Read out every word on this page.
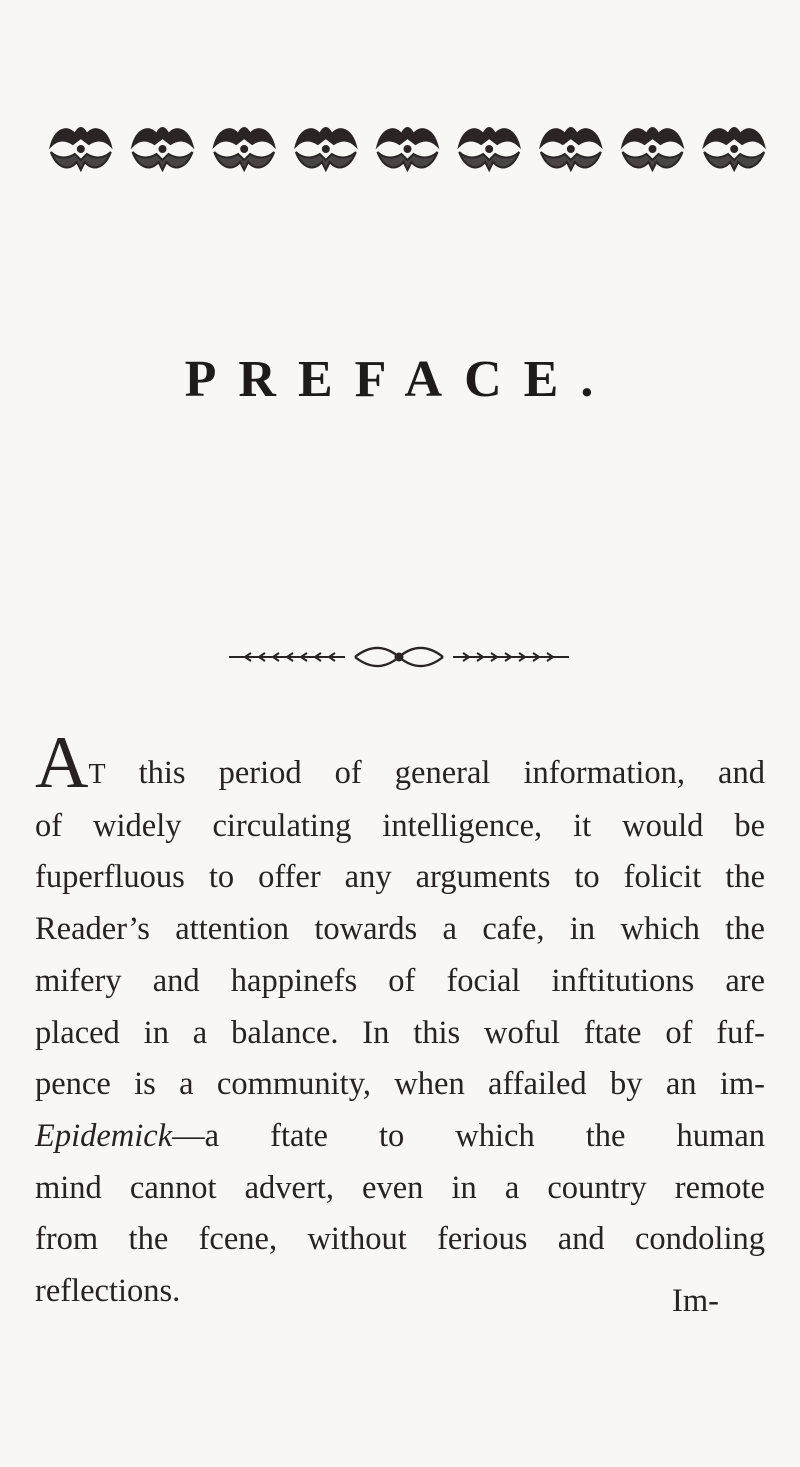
PREFACE.
AT this period of general information, and
of widely circulating intelligence, it would be
fuperfluous to offer any arguments to folicit the
Reader’s attention towards a cafe, in which the
mifery and happinefs of focial inftitutions are
placed in a balance. In this woful ftate of fuf-
pence is a community, when affailed by an im-
Epidemick—a ftate to which the human
mind cannot advert, even in a country remote
from the fcene, without ferious and condoling
reflections.	Im-
